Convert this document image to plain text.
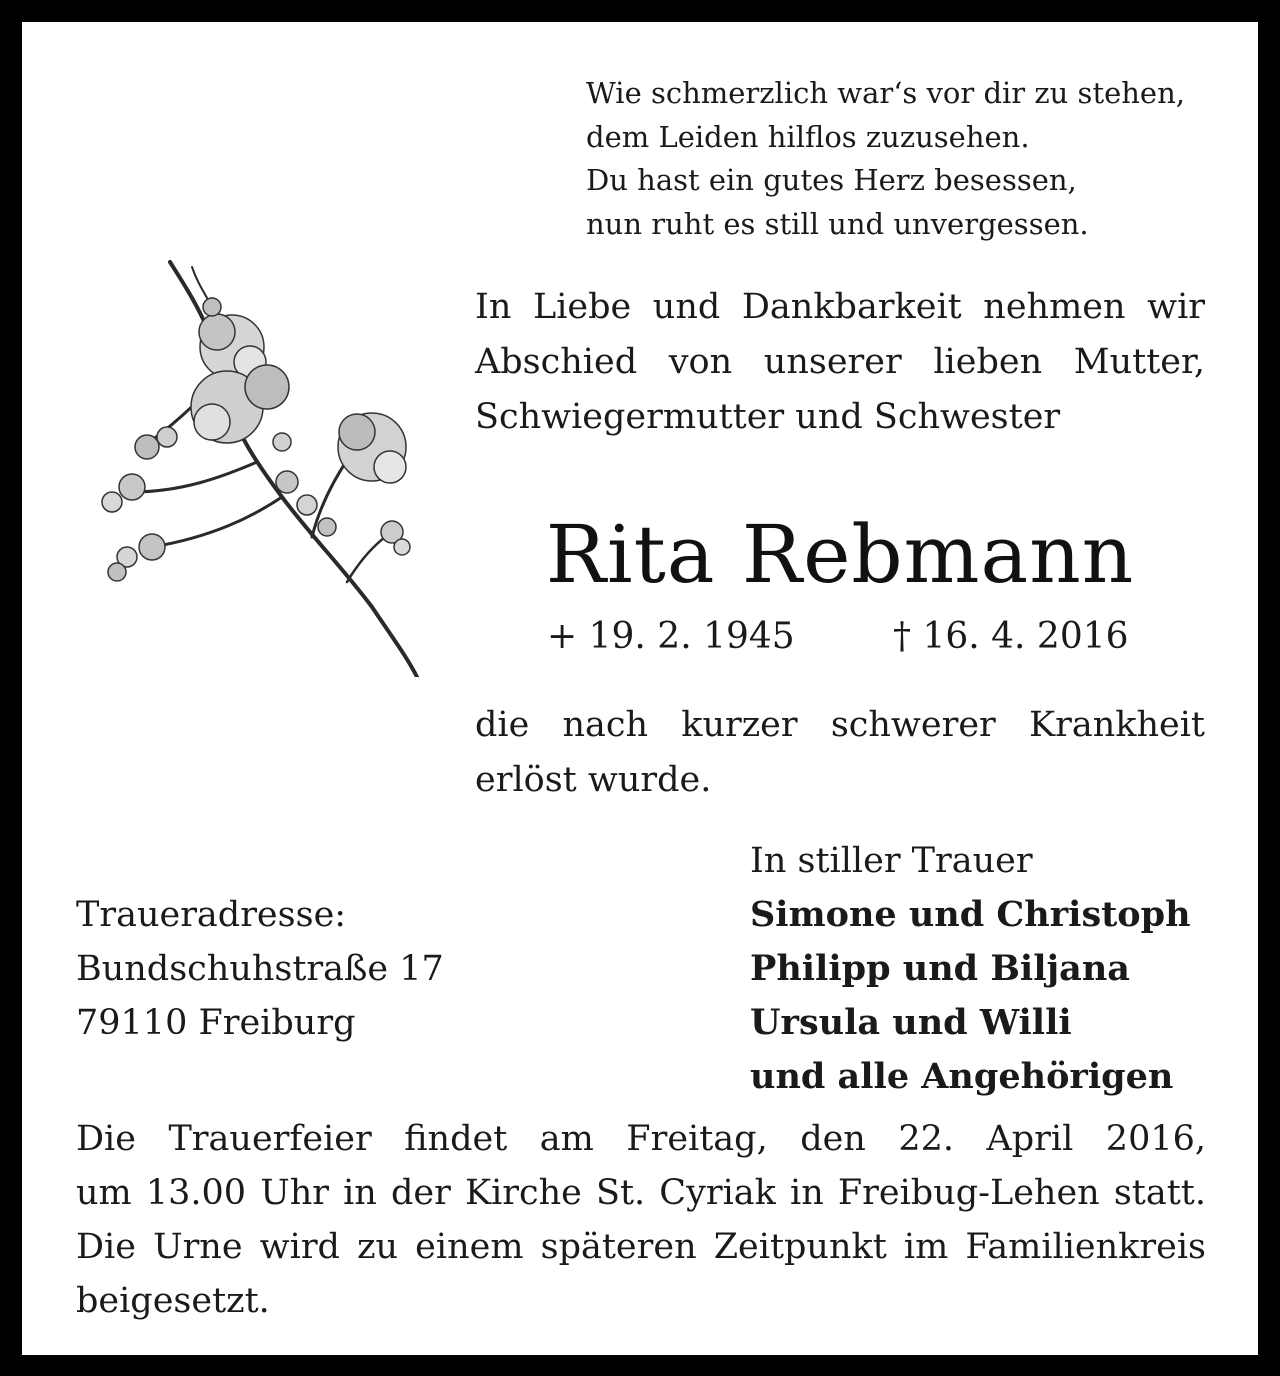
Wie schmerzlich war‘s vor dir zu stehen,
dem Leiden hilflos zuzusehen.
Du hast ein gutes Herz besessen,
nun ruht es still und unvergessen.
In Liebe und Dankbarkeit nehmen wir
Abschied von unserer lieben Mutter,
Schwiegermutter und Schwester
Rita Rebmann
+ 19. 2. 1945	† 16. 4. 2016
die nach kurzer schwerer Krankheit
erlöst wurde.
In stiller Trauer
Simone und Christoph
Philipp und Biljana
Ursula und Willi
und alle Angehörigen
Traueradresse:
Bundschuhstraße 17
79110 Freiburg
Die Trauerfeier findet am Freitag, den 22. April 2016,
um 13.00 Uhr in der Kirche St. Cyriak in Freibug-Lehen statt.
Die Urne wird zu einem späteren Zeitpunkt im Familienkreis
beigesetzt.
